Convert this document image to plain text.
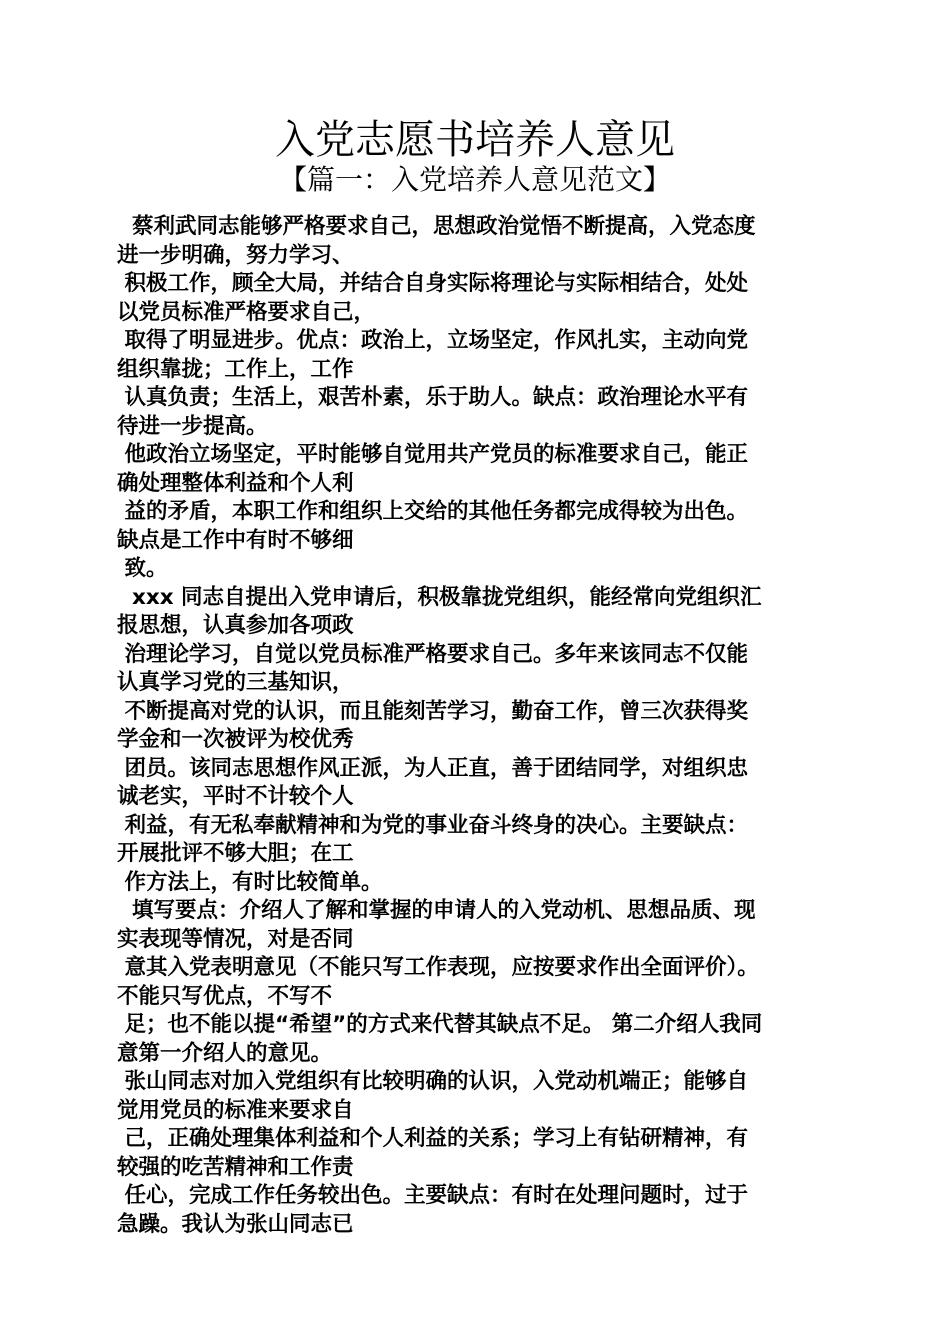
入党志愿书培养人意见
【篇一：入党培养人意见范文】
蔡利武同志能够严格要求自己，思想政治觉悟不断提高，入党态度
进一步明确，努力学习、
积极工作，顾全大局，并结合自身实际将理论与实际相结合，处处
以党员标准严格要求自己，
取得了明显进步。优点：政治上，立场坚定，作风扎实，主动向党
组织靠拢；工作上，工作
认真负责；生活上，艰苦朴素，乐于助人。缺点：政治理论水平有
待进一步提高。
他政治立场坚定，平时能够自觉用共产党员的标准要求自己，能正
确处理整体利益和个人利
益的矛盾，本职工作和组织上交给的其他任务都完成得较为出色。
缺点是工作中有时不够细
致。
xxx 同志自提出入党申请后，积极靠拢党组织，能经常向党组织汇
报思想，认真参加各项政
治理论学习，自觉以党员标准严格要求自己。多年来该同志不仅能
认真学习党的三基知识，
不断提高对党的认识，而且能刻苦学习，勤奋工作，曾三次获得奖
学金和一次被评为校优秀
团员。该同志思想作风正派，为人正直，善于团结同学，对组织忠
诚老实，平时不计较个人
利益，有无私奉献精神和为党的事业奋斗终身的决心。主要缺点：
开展批评不够大胆；在工
作方法上，有时比较简单。
填写要点：介绍人了解和掌握的申请人的入党动机、思想品质、现
实表现等情况，对是否同
意其入党表明意见（不能只写工作表现，应按要求作出全面评价）。
不能只写优点，不写不
足；也不能以提“希望”的方式来代替其缺点不足。 第二介绍人我同
意第一介绍人的意见。
张山同志对加入党组织有比较明确的认识，入党动机端正；能够自
觉用党员的标准来要求自
己，正确处理集体利益和个人利益的关系；学习上有钻研精神，有
较强的吃苦精神和工作责
任心，完成工作任务较出色。主要缺点：有时在处理问题时，过于
急躁。我认为张山同志已
